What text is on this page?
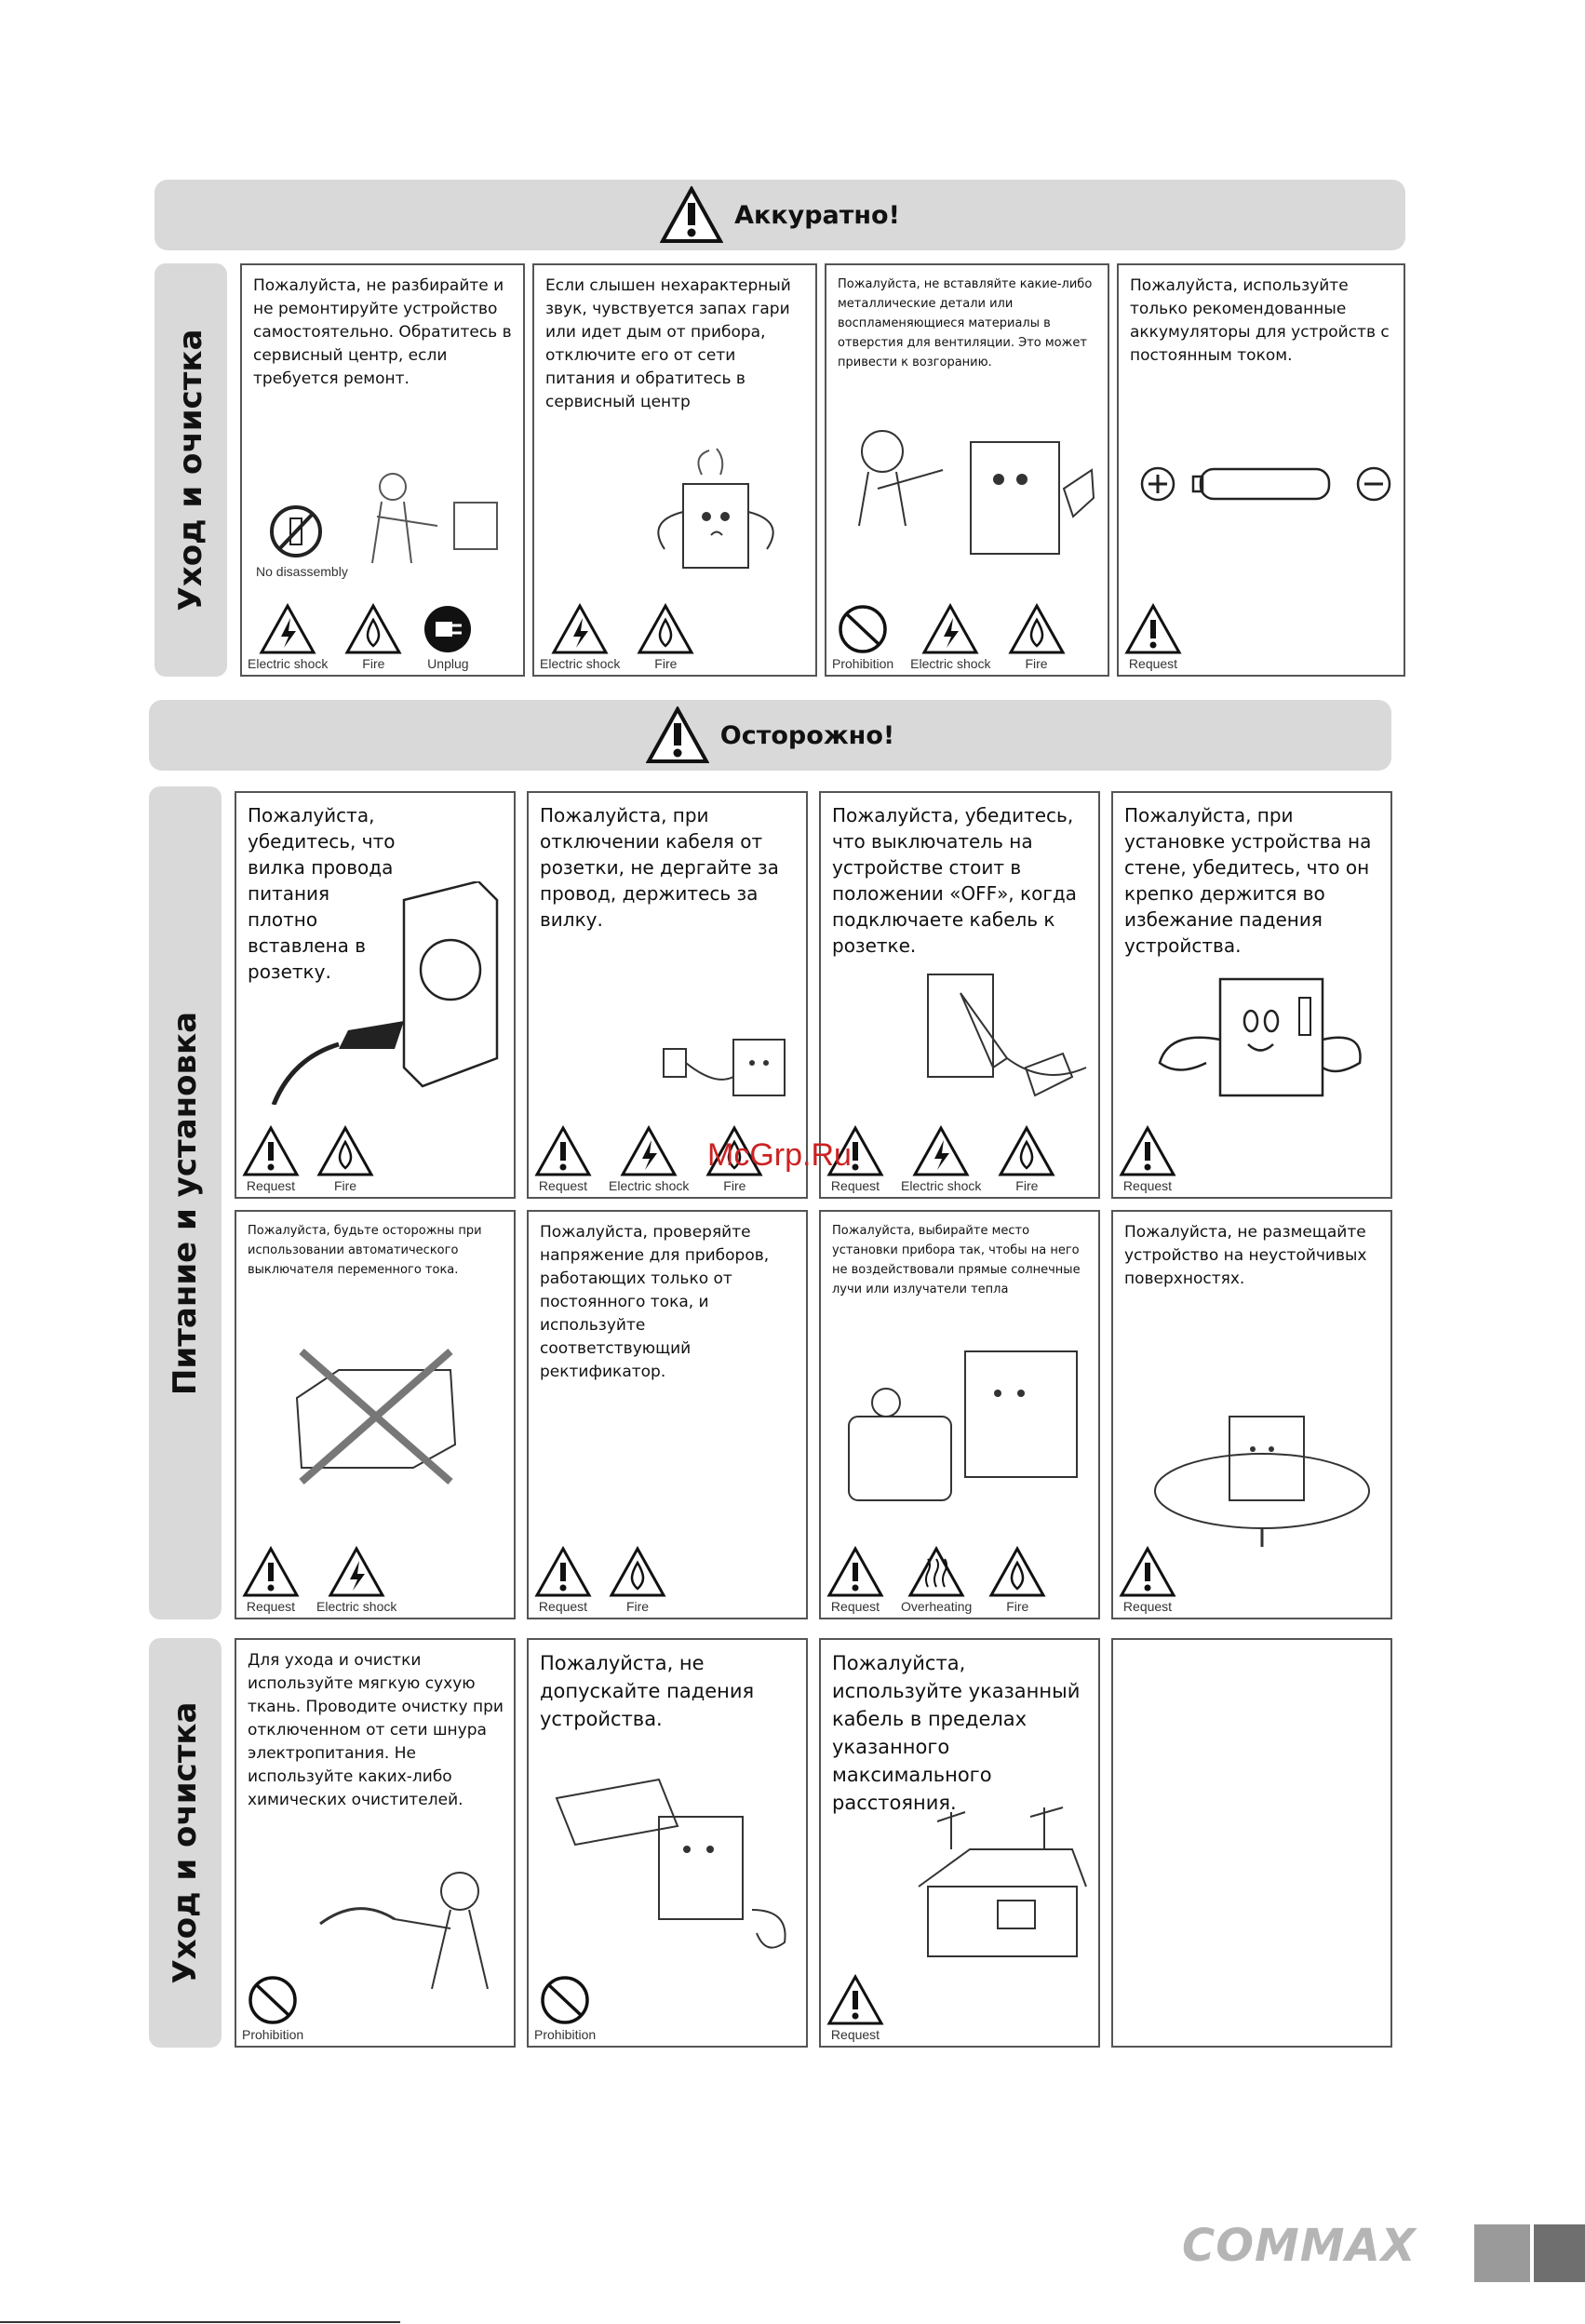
Аккуратно!
Уход и очистка
Пожалуйста, не разбирайте и не ремонтируйте устройство самостоятельно. Обратитесь в сервисный центр, если требуется ремонт.
No disassembly
Electric shock	Fire	Unplug
Если слышен нехарактерный звук, чувствуется запах гари или идет дым от прибора, отключите его от сети питания и обратитесь в сервисный центр
Electric shock	Fire
Пожалуйста, не вставляйте какие-либо металлические детали или воспламеняющиеся материалы в отверстия для вентиляции. Это может привести к возгоранию.
Prohibition Electric shock	Fire
Пожалуйста, используйте только рекомендованные аккумуляторы для устройств с постоянным током.
Request
Осторожно!
Питание и установка
Пожалуйста, убедитесь, что вилка провода питания плотно вставлена в розетку.
Request	Fire
Пожалуйста, при отключении кабеля от розетки, не дергайте за провод, держитесь за вилку.
Request Electric shock	Fire
Пожалуйста, убедитесь, что выключатель на устройстве стоит в положении «OFF», когда подключаете кабель к розетке.
Request Electric shock	Fire
Пожалуйста, при установке устройства на стене, убедитесь, что он крепко держится во избежание падения устройства.
Request
Пожалуйста, будьте осторожны при использовании автоматического выключателя переменного тока.
Request Electric shock
Пожалуйста, проверяйте напряжение для приборов, работающих только от постоянного тока, и используйте соответствующий ректификатор.
Request	Fire
Пожалуйста, выбирайте место установки прибора так, чтобы на него не воздействовали прямые солнечные лучи или излучатели тепла
Request Overheating	Fire
Пожалуйста, не размещайте устройство на неустойчивых поверхностях.
Request
Уход и очистка
Для ухода и очистки используйте мягкую сухую ткань. Проводите очистку при отключенном от сети шнура электропитания. Не используйте каких-либо химических очистителей.
Prohibition
Пожалуйста, не допускайте падения устройства.
Prohibition
Пожалуйста, используйте указанный кабель в пределах указанного максимального расстояния.
Request
McGrp.Ru
COMMAX
